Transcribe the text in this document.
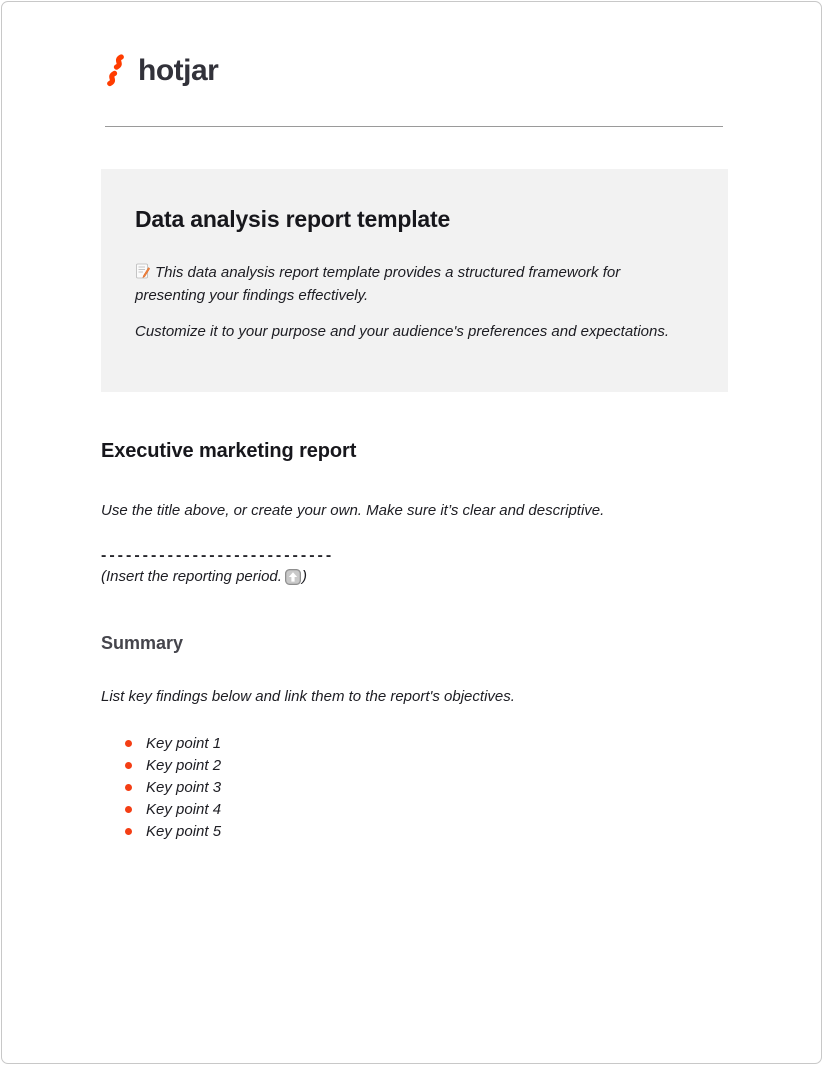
hotjar
Data analysis report template

This data analysis report template provides a structured framework for presenting your findings effectively.

Customize it to your purpose and your audience's preferences and expectations.

Executive marketing report

Use the title above, or create your own. Make sure it’s clear and descriptive.

----------------------------

(Insert the reporting period. )

Summary

List key findings below and link them to the report's objectives.

Key point 1
Key point 2
Key point 3
Key point 4
Key point 5
